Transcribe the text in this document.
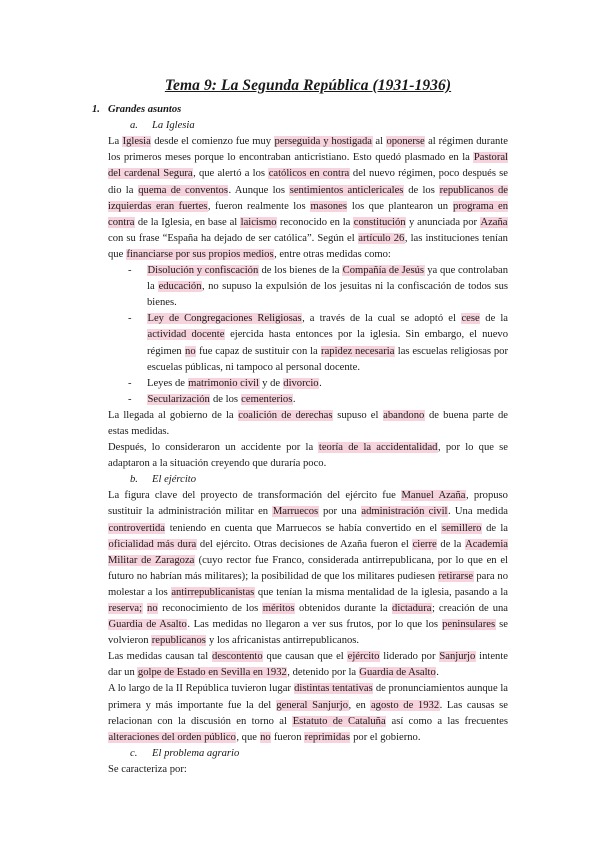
Tema 9: La Segunda República (1931-1936)
1. Grandes asuntos
a. La Iglesia

La Iglesia desde el comienzo fue muy perseguida y hostigada al oponerse al régimen durante los primeros meses porque lo encontraban anticristiano. Esto quedó plasmado en la Pastoral del cardenal Segura, que alertó a los católicos en contra del nuevo régimen, poco después se dio la quema de conventos. Aunque los sentimientos anticlericales de los republicanos de izquierdas eran fuertes, fueron realmente los masones los que plantearon un programa en contra de la Iglesia, en base al laicismo reconocido en la constitución y anunciada por Azaña con su frase “España ha dejado de ser católica”. Según el artículo 26, las instituciones tenían que financiarse por sus propios medios, entre otras medidas como:

- Disolución y confiscación de los bienes de la Compañía de Jesús ya que controlaban la educación, no supuso la expulsión de los jesuitas ni la confiscación de todos sus bienes.
- Ley de Congregaciones Religiosas, a través de la cual se adoptó el cese de la actividad docente ejercida hasta entonces por la iglesia. Sin embargo, el nuevo régimen no fue capaz de sustituir con la rapidez necesaria las escuelas religiosas por escuelas públicas, ni tampoco al personal docente.
- Leyes de matrimonio civil y de divorcio.
- Secularización de los cementerios.

La llegada al gobierno de la coalición de derechas supuso el abandono de buena parte de estas medidas.

Después, lo consideraron un accidente por la teoría de la accidentalidad, por lo que se adaptaron a la situación creyendo que duraría poco.

b. El ejército

La figura clave del proyecto de transformación del ejército fue Manuel Azaña, propuso sustituir la administración militar en Marruecos por una administración civil. Una medida controvertida teniendo en cuenta que Marruecos se había convertido en el semillero de la oficialidad más dura del ejército. Otras decisiones de Azaña fueron el cierre de la Academia Militar de Zaragoza (cuyo rector fue Franco, considerada antirrepublicana, por lo que en el futuro no habrían más militares); la posibilidad de que los militares pudiesen retirarse para no molestar a los antirrepublicanistas que tenían la misma mentalidad de la iglesia, pasando a la reserva; no reconocimiento de los méritos obtenidos durante la dictadura; creación de una Guardia de Asalto. Las medidas no llegaron a ver sus frutos, por lo que los peninsulares se volvieron republicanos y los africanistas antirrepublicanos.

Las medidas causan tal descontento que causan que el ejército liderado por Sanjurjo intente dar un golpe de Estado en Sevilla en 1932, detenido por la Guardia de Asalto.

A lo largo de la II República tuvieron lugar distintas tentativas de pronunciamientos aunque la primera y más importante fue la del general Sanjurjo, en agosto de 1932. Las causas se relacionan con la discusión en torno al Estatuto de Cataluña así como a las frecuentes alteraciones del orden público, que no fueron reprimidas por el gobierno.

c. El problema agrario

Se caracteriza por:
